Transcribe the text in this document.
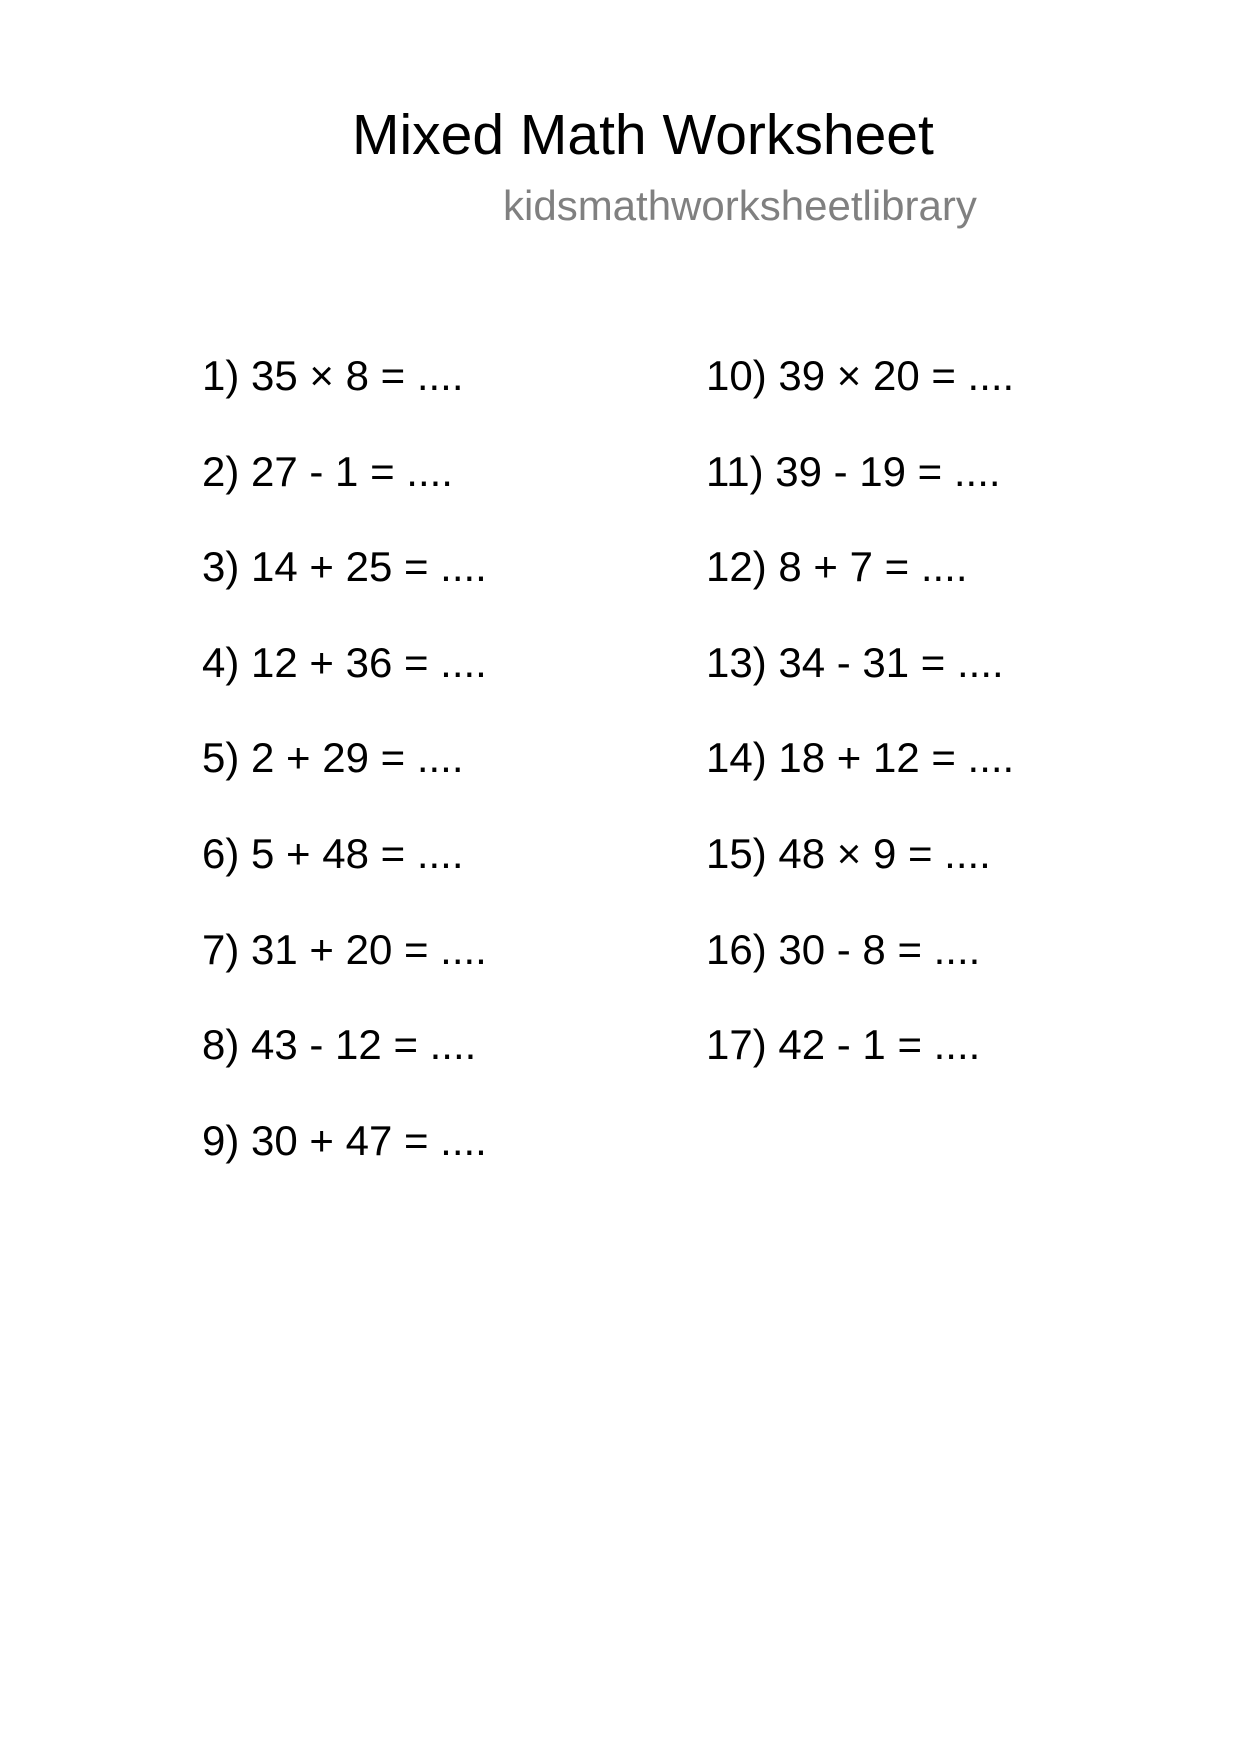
Mixed Math Worksheet
kidsmathworksheetlibrary
1) 35 × 8 = ....
2) 27 - 1 = ....
3) 14 + 25 = ....
4) 12 + 36 = ....
5) 2 + 29 = ....
6) 5 + 48 = ....
7) 31 + 20 = ....
8) 43 - 12 = ....
9) 30 + 47 = ....
10) 39 × 20 = ....
11) 39 - 19 = ....
12) 8 + 7 = ....
13) 34 - 31 = ....
14) 18 + 12 = ....
15) 48 × 9 = ....
16) 30 - 8 = ....
17) 42 - 1 = ....
